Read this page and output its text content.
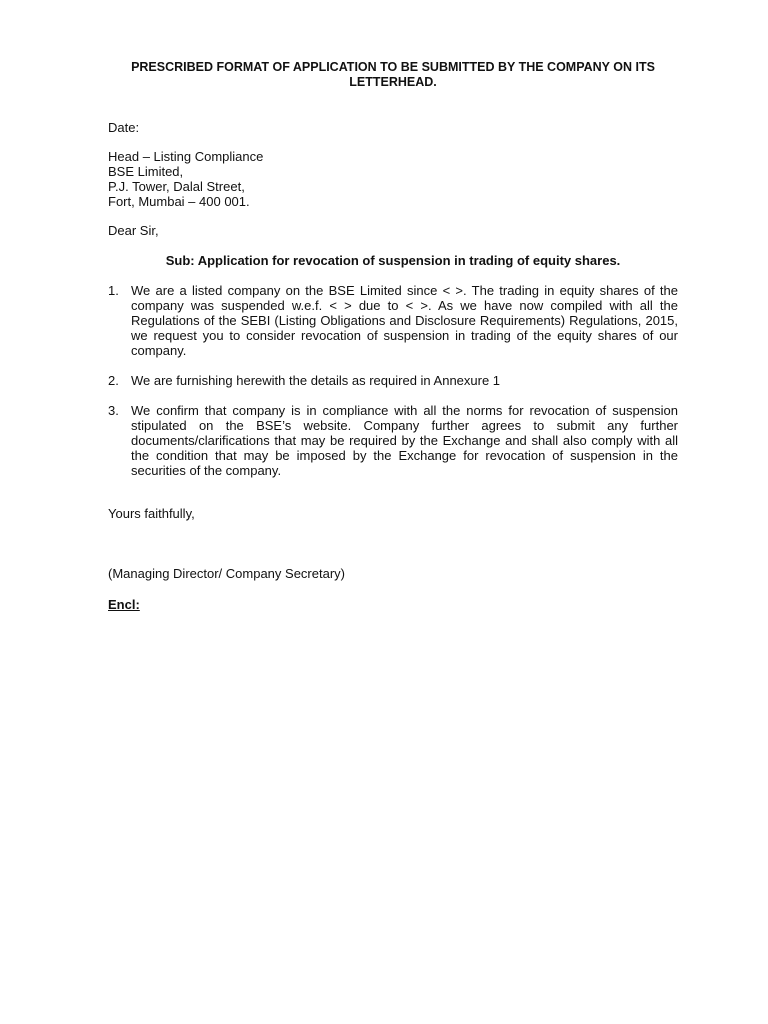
PRESCRIBED FORMAT OF APPLICATION TO BE SUBMITTED BY THE COMPANY ON ITS LETTERHEAD.
Date:
Head – Listing Compliance
BSE Limited,
P.J. Tower, Dalal Street,
Fort, Mumbai – 400 001.
Dear Sir,
Sub: Application for revocation of suspension in trading of equity shares.
1. We are a listed company on the BSE Limited since < >. The trading in equity shares of the company was suspended w.e.f. < > due to < >. As we have now compiled with all the Regulations of the SEBI (Listing Obligations and Disclosure Requirements) Regulations, 2015, we request you to consider revocation of suspension in trading of the equity shares of our company.
2. We are furnishing herewith the details as required in Annexure 1
3. We confirm that company is in compliance with all the norms for revocation of suspension stipulated on the BSE’s website. Company further agrees to submit any further documents/clarifications that may be required by the Exchange and shall also comply with all the condition that may be imposed by the Exchange for revocation of suspension in the securities of the company.
Yours faithfully,
(Managing Director/ Company Secretary)
Encl:
